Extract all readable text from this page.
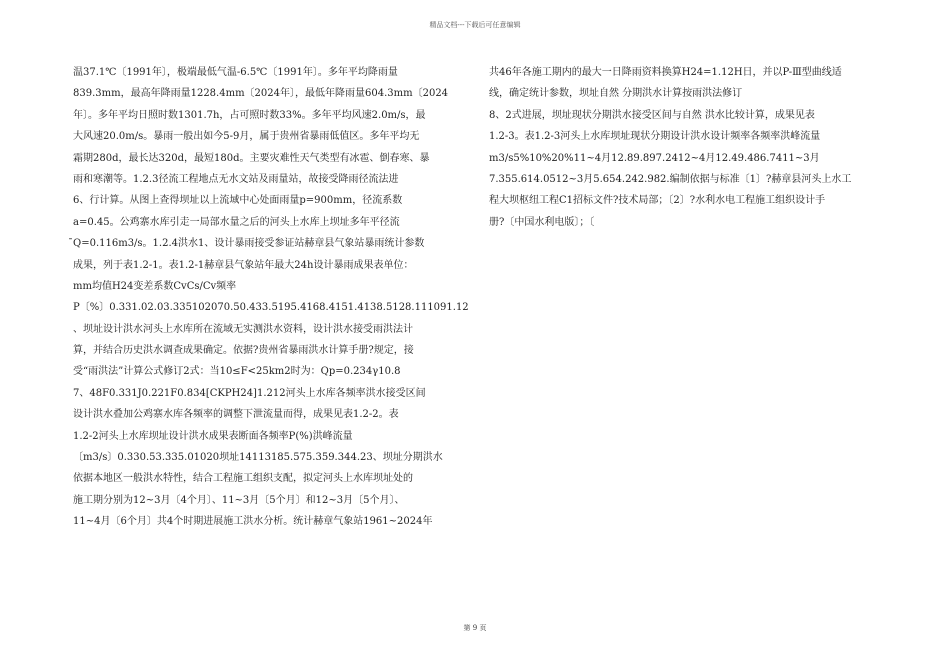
精品文档---下载后可任意编辑
温37.1℃〔1991年〕，极端最低气温-6.5℃〔1991年〕。多年平均降雨量
839.3mm，最高年降雨量1228.4mm〔2024年〕，最低年降雨量604.3mm〔2024
年〕。多年平均日照时数1301.7h，占可照时数33%。多年平均风速2.0m/s，最
大风速20.0m/s。暴雨一般出如今5-9月，属于贵州省暴雨低值区。多年平均无
霜期280d，最长达320d，最短180d。主要灾难性天气类型有冰雹、倒春寒、暴
雨和寒潮等。1.2.3径流工程地点无水文站及雨量站，故接受降雨径流法进
6、行计算。从图上查得坝址以上流域中心处面雨量p=900mm，径流系数
a=0.45。公鸡寨水库引走一局部水量之后的河头上水库上坝址多年平径流
̄Q=0.116m3/s。1.2.4洪水1、设计暴雨接受参证站赫章县气象站暴雨统计参数
成果，列于表1.2-1。表1.2-1赫章县气象站年最大24h设计暴雨成果表单位：
mm均值H24变差系数CvCs/Cv频率
P〔%〕0.331.02.03.335102070.50.433.5195.4168.4151.4138.5128.111091.12
、坝址设计洪水河头上水库所在流域无实测洪水资料，设计洪水接受雨洪法计
算，并结合历史洪水调查成果确定。依据?贵州省暴雨洪水计算手册?规定，接
受“雨洪法”计算公式修订2式：当10≤F<25km2时为：Qp=0.234γ10.8
7、48F0.331J0.221F0.834[CKPH24]1.212河头上水库各频率洪水接受区间
设计洪水叠加公鸡寨水库各频率的调整下泄流量而得，成果见表1.2-2。表
1.2-2河头上水库坝址设计洪水成果表断面各频率P(%)洪峰流量
〔m3/s〕0.330.53.335.01020坝址14113185.575.359.344.23、坝址分期洪水
依据本地区一般洪水特性，结合工程施工组织支配，拟定河头上水库坝址处的
施工期分别为12~3月〔4个月〕、11~3月〔5个月〕和12~3月〔5个月〕、
11~4月〔6个月〕共4个时期进展施工洪水分析。统计赫章气象站1961~2024年
共46年各施工期内的最大一日降雨资料换算H24=1.12H日，并以P-Ⅲ型曲线适
线，确定统计参数，坝址自然 分期洪水计算按雨洪法修订
8、2式进展，坝址现状分期洪水接受区间与自然 洪水比较计算，成果见表
1.2-3。表1.2-3河头上水库坝址现状分期设计洪水设计频率各频率洪峰流量
m3/s5%10%20%11~4月12.89.897.2412~4月12.49.486.7411~3月
7.355.614.0512~3月5.654.242.982.编制依据与标准〔1〕?赫章县河头上水工
程大坝枢纽工程C1招标文件?技术局部；〔2〕?水利水电工程施工组织设计手
册?〔中国水利电版〕；〔
第 9 页
